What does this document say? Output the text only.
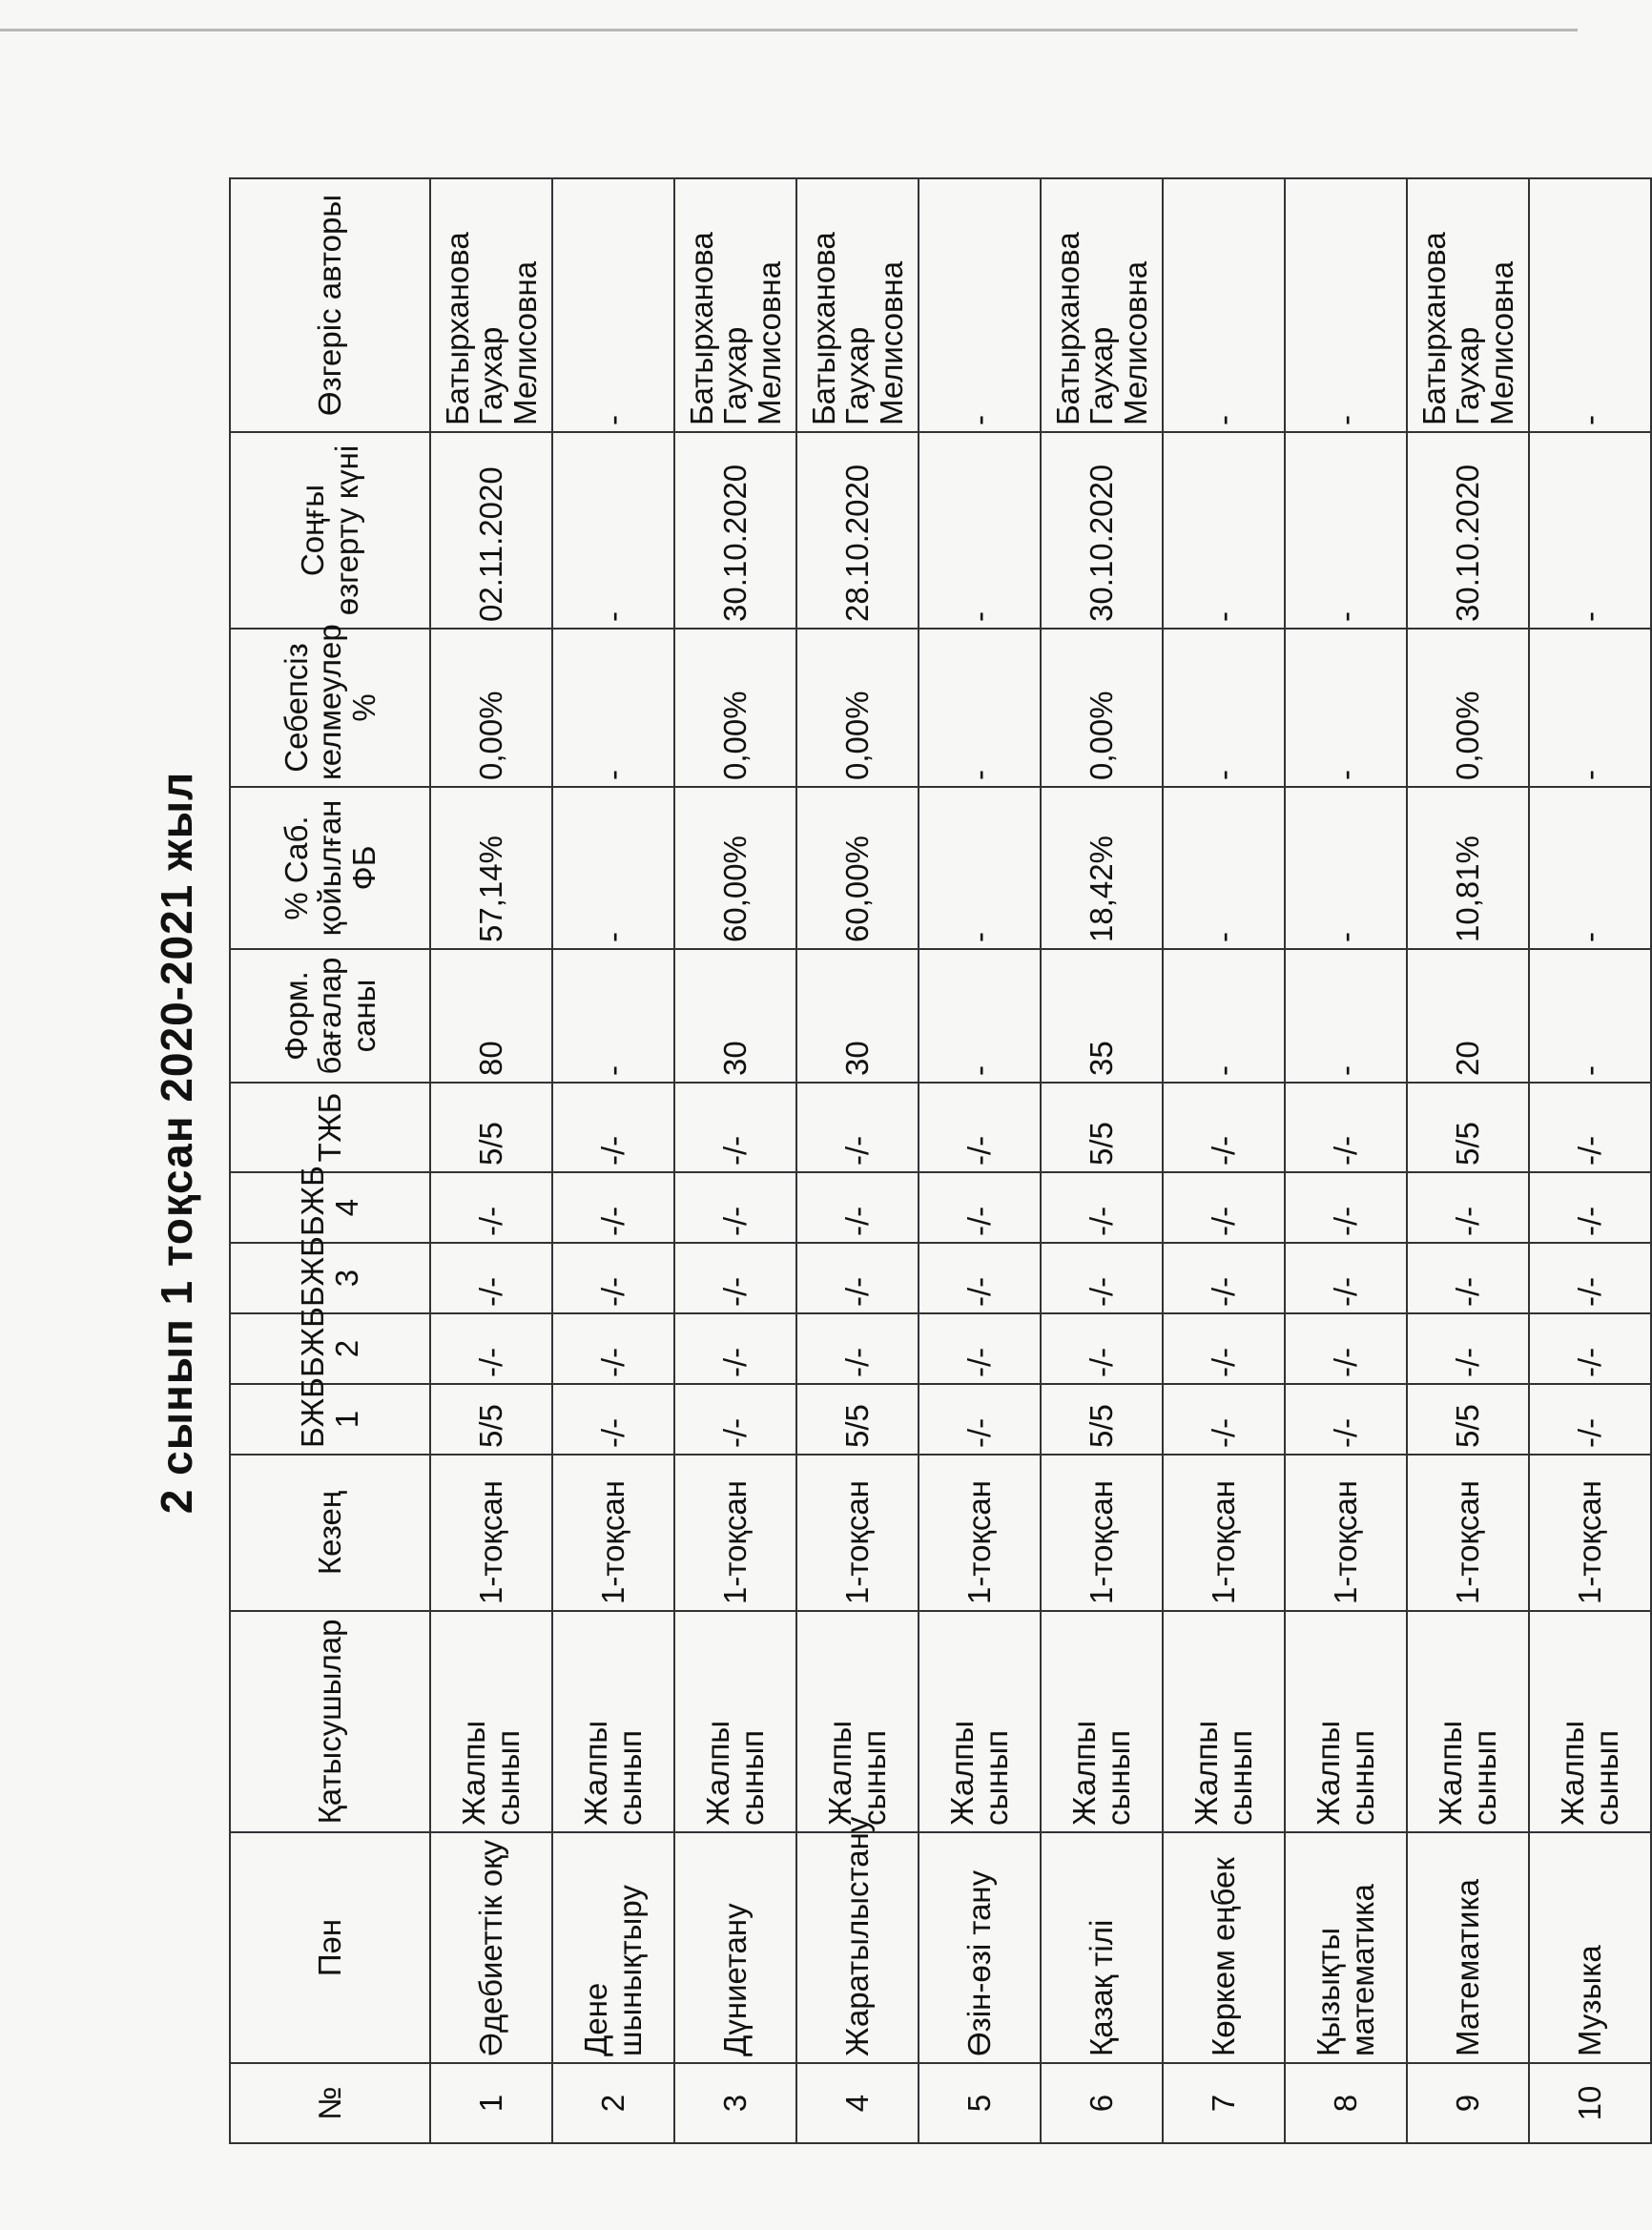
2 сынып 1 тоқсан 2020-2021 жыл
№	Пән	Қатысушылар	Кезең	БЖБ 1	БЖБ 2	БЖБ 3	БЖБ 4	ТЖБ	Форм. бағалар саны	% Саб. қойылған ФБ	Себепсіз келмеулер %	Соңғы өзгерту күні	Өзгеріс авторы
1	Әдебиеттік оқу	Жалпы сынып	1-тоқсан	5/5	-/-	-/-	-/-	5/5	80	57,14%	0,00%	02.11.2020	Батырханова Гаухар Мелисовна
2	Дене шынықтыру	Жалпы сынып	1-тоқсан	-/-	-/-	-/-	-/-	-/-	-	-	-	-	-
3	Дүниетану	Жалпы сынып	1-тоқсан	-/-	-/-	-/-	-/-	-/-	30	60,00%	0,00%	30.10.2020	Батырханова Гаухар Мелисовна
4	Жаратылыстану	Жалпы сынып	1-тоқсан	5/5	-/-	-/-	-/-	-/-	30	60,00%	0,00%	28.10.2020	Батырханова Гаухар Мелисовна
5	Өзін-өзі тану	Жалпы сынып	1-тоқсан	-/-	-/-	-/-	-/-	-/-	-	-	-	-	-
6	Қазақ тілі	Жалпы сынып	1-тоқсан	5/5	-/-	-/-	-/-	5/5	35	18,42%	0,00%	30.10.2020	Батырханова Гаухар Мелисовна
7	Көркем еңбек	Жалпы сынып	1-тоқсан	-/-	-/-	-/-	-/-	-/-	-	-	-	-	-
8	Қызықты математика	Жалпы сынып	1-тоқсан	-/-	-/-	-/-	-/-	-/-	-	-	-	-	-
9	Математика	Жалпы сынып	1-тоқсан	5/5	-/-	-/-	-/-	5/5	20	10,81%	0,00%	30.10.2020	Батырханова Гаухар Мелисовна
10	Музыка	Жалпы сынып	1-тоқсан	-/-	-/-	-/-	-/-	-/-	-	-	-	-	-
